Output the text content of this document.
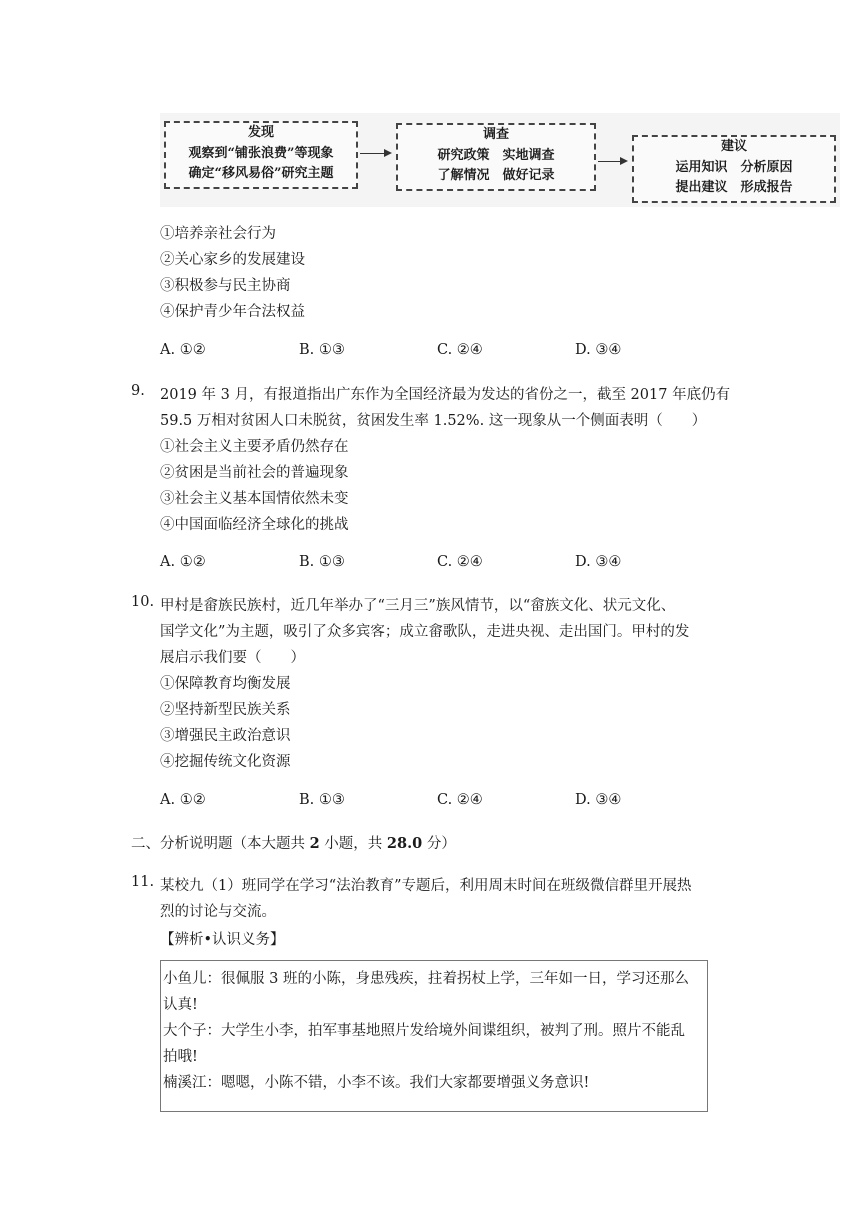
发现
观察到“铺张浪费”等现象
确定“移风易俗”研究主题
调查
研究政策　实地调查
了解情况　做好记录
建议
运用知识　分析原因
提出建议　形成报告
①培养亲社会行为
②关心家乡的发展建设
③积极参与民主协商
④保护青少年合法权益
A. ①②	B. ①③	C. ②④	D. ③④
9. 2019 年 3 月，有报道指出广东作为全国经济最为发达的省份之一，截至 2017 年底仍有
59.5 万相对贫困人口未脱贫，贫困发生率 1.52%. 这一现象从一个侧面表明（　　）
①社会主义主要矛盾仍然存在
②贫困是当前社会的普遍现象
③社会主义基本国情依然未变
④中国面临经济全球化的挑战
A. ①②	B. ①③	C. ②④	D. ③④
10. 甲村是畲族民族村，近几年举办了“三月三”族风情节，以“畲族文化、状元文化、
国学文化”为主题，吸引了众多宾客；成立畲歌队，走进央视、走出国门。甲村的发
展启示我们要（　　）
①保障教育均衡发展
②坚持新型民族关系
③增强民主政治意识
④挖掘传统文化资源
A. ①②	B. ①③	C. ②④	D. ③④
二、分析说明题（本大题共 2 小题，共 28.0 分）
11. 某校九（1）班同学在学习“法治教育”专题后，利用周末时间在班级微信群里开展热
烈的讨论与交流。
【辨析•认识义务】
小鱼儿：很佩服 3 班的小陈，身患残疾，拄着拐杖上学，三年如一日，学习还那么
认真!
大个子：大学生小李，拍军事基地照片发给境外间谍组织，被判了刑。照片不能乱
拍哦!
楠溪江：嗯嗯，小陈不错，小李不该。我们大家都要增强义务意识!
